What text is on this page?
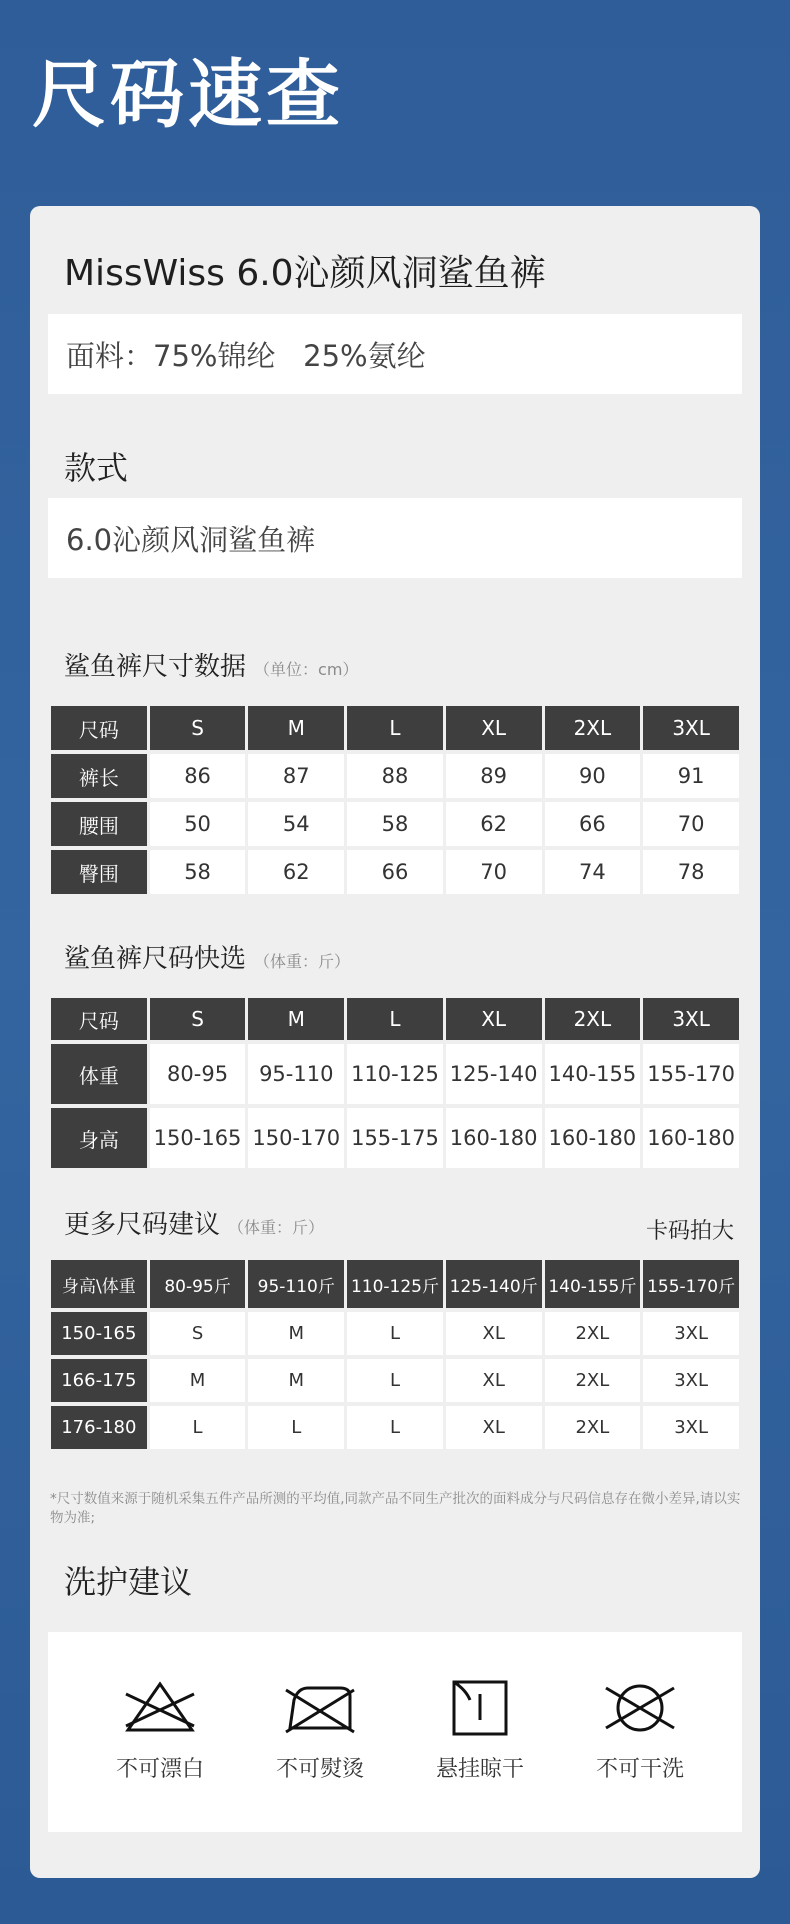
尺码速查
MissWiss 6.0沁颜风洞鲨鱼裤
面料：75%锦纶   25%氨纶
款式
6.0沁颜风洞鲨鱼裤
鲨鱼裤尺寸数据 （单位：cm）
尺码	S	M	L	XL	2XL	3XL
裤长	86	87	88	89	90	91
腰围	50	54	58	62	66	70
臀围	58	62	66	70	74	78
鲨鱼裤尺码快选 （体重：斤）
尺码	S	M	L	XL	2XL	3XL
体重	80-95	95-110	110-125	125-140	140-155	155-170
身高	150-165	150-170	155-175	160-180	160-180	160-180
更多尺码建议 （体重：斤）	卡码拍大
身高\体重	80-95斤	95-110斤	110-125斤	125-140斤	140-155斤	155-170斤
150-165	S	M	L	XL	2XL	3XL
166-175	M	M	L	XL	2XL	3XL
176-180	L	L	L	XL	2XL	3XL
*尺寸数值来源于随机采集五件产品所测的平均值,同款产品不同生产批次的面料成分与尺码信息存在微小差异,请以实物为准;
洗护建议
不可漂白	不可熨烫	悬挂晾干	不可干洗
